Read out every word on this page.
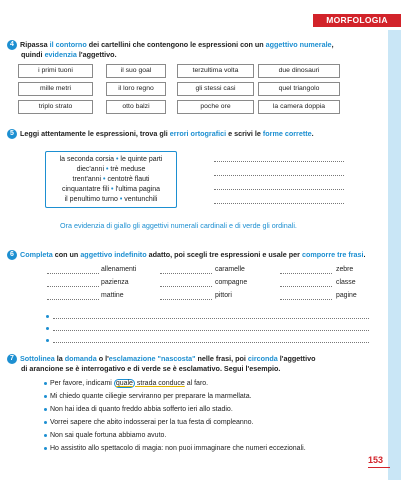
MORFOLOGIA
4 Ripassa il contorno dei cartellini che contengono le espressioni con un aggettivo numerale,
quindi evidenzia l'aggettivo.
i primi tuoni	il suo goal	terzultima volta	due dinosauri
mille metri	il loro regno	gli stessi casi	quel triangolo
triplo strato	otto balzi	poche ore	la camera doppia
5 Leggi attentamente le espressioni, trova gli errori ortografici e scrivi le forme corrette.
la seconda corsia • le quinte parti
diec'anni • trè meduse
trent'anni • centotrè flauti
cinquantatre fili • l'ultima pagina
il penultimo turno • ventunchili
Ora evidenzia di giallo gli aggettivi numerali cardinali e di verde gli ordinali.
6 Completa con un aggettivo indefinito adatto, poi scegli tre espressioni e usale per comporre tre frasi.
allenamenti	caramelle	zebre
pazienza	compagne	classe
mattine	pittori	pagine
7 Sottolinea la domanda o l'esclamazione "nascosta" nelle frasi, poi circonda l'aggettivo
di arancione se è interrogativo e di verde se è esclamativo. Segui l'esempio.
Per favore, indicami quale strada conduce al faro.
Mi chiedo quante ciliegie serviranno per preparare la marmellata.
Non hai idea di quanto freddo abbia sofferto ieri allo stadio.
Vorrei sapere che abito indosserai per la tua festa di compleanno.
Non sai quale fortuna abbiamo avuto.
Ho assistito allo spettacolo di magia: non puoi immaginare che numeri eccezionali.
153
